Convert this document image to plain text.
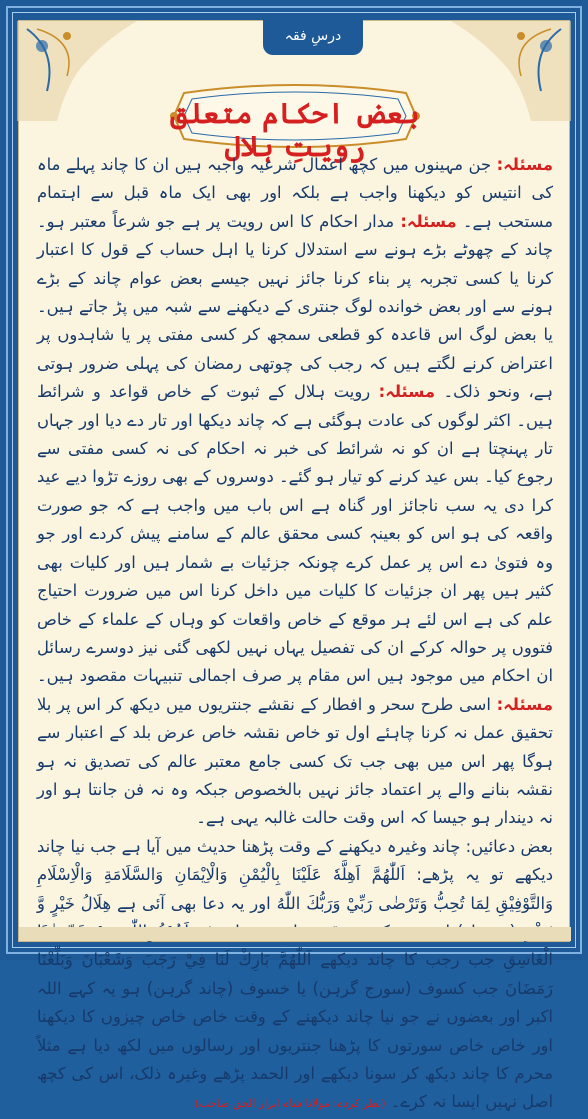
درسِ فقہ
بعض احکام متعلق رویتِ ہلال

مسئلہ: جن مہینوں میں کچھ اعمال شرعیہ واجبہ ہیں ان کا چاند پہلے ماہ کی انتیس کو دیکھنا واجب ہے بلکہ اور بھی ایک ماہ قبل سے اہتمام مستحب ہے۔ مسئلہ: مدار احکام کا اس رویت پر ہے جو شرعاً معتبر ہو۔ چاند کے چھوٹے بڑے ہونے سے استدلال کرنا یا اہل حساب کے قول کا اعتبار کرنا یا کسی تجربہ پر بناء کرنا جائز نہیں جیسے بعض عوام چاند کے بڑے ہونے سے اور بعض خوانده لوگ جنتری کے دیکھنے سے شبہ میں پڑ جاتے ہیں۔ یا بعض لوگ اس قاعدہ کو قطعی سمجھ کر کسی مفتی پر یا شاہدوں پر اعتراض کرنے لگتے ہیں کہ رجب کی چوتھی رمضان کی پہلی ضرور ہوتی ہے، ونحو ذلک۔ مسئلہ: رویت ہلال کے ثبوت کے خاص قواعد و شرائط ہیں۔ اکثر لوگوں کی عادت ہوگئی ہے کہ چاند دیکھا اور تار دے دیا اور جہاں تار پہنچتا ہے ان کو نہ شرائط کی خبر نہ احکام کی نہ کسی مفتی سے رجوع کیا۔ بس عید کرنے کو تیار ہو گئے۔ دوسروں کے بھی روزے تڑوا دیے عید کرا دی یہ سب ناجائز اور گناہ ہے اس باب میں واجب ہے کہ جو صورت واقعہ کی ہو اس کو بعینہٖ کسی محقق عالم کے سامنے پیش کردے اور جو وہ فتویٰ دے اس پر عمل کرے چونکہ جزئیات بے شمار ہیں اور کلیات بھی کثیر ہیں پھر ان جزئیات کا کلیات میں داخل کرنا اس میں ضرورت احتیاج علم کی ہے اس لئے ہر موقع کے خاص واقعات کو وہاں کے علماء کے خاص فتووں پر حوالہ کرکے ان کی تفصیل یہاں نہیں لکھی گئی نیز دوسرے رسائل ان احکام میں موجود ہیں اس مقام پر صرف اجمالی تنبیہات مقصود ہیں۔ مسئلہ: اسی طرح سحر و افطار کے نقشے جنتریوں میں دیکھ کر اس پر بلا تحقیق عمل نہ کرنا چاہئے اول تو خاص نقشہ خاص عرض بلد کے اعتبار سے ہوگا پھر اس میں بھی جب تک کسی جامع معتبر عالم کی تصدیق نہ ہو نقشہ بنانے والے پر اعتماد جائز نہیں بالخصوص جبکہ وہ نہ فن جانتا ہو اور نہ دیندار ہو جیسا کہ اس وقت حالت غالبہ یہی ہے۔

بعض دعائیں: چاند وغیرہ دیکھنے کے وقت پڑھنا حدیث میں آیا ہے جب نیا چاند دیکھے تو یہ پڑھے: اَللّٰهُمَّ اَهِلَّهٗ عَلَيْنَا بِالْيُمْنِ وَالْاِيْمَانِ وَالسَّلَامَةِ وَالْاِسْلَامِ وَالتَّوْفِيْقِ لِمَا تُحِبُّ وَتَرْضٰى رَبِّيْ وَرَبُّكَ اللّٰهُ اور یہ دعا بھی آئی ہے هِلَالُ خَيْرٍ وَّ الْغَاسِقِ جب رجب کا چاند دیکھے اَللّٰهُمَّ بَارِكْ لَنَا فِيْ رَجَبَ وَشَعْبَانَ وَبَلِّغْنَا رَمَضَانَ جب کسوف (سورج گرہن) یا خسوف (چاند گرہن) ہو یہ کہے اللہ اکبر اور بعضوں نے جو نیا چاند دیکھنے کے وقت خاص خاص چیزوں کا دیکھنا اور خاص خاص سورتوں کا پڑھنا جنتریوں اور رسالوں میں لکھ دیا ہے مثلاً محرم کا چاند دیکھ کر سونا دیکھے اور الحمد پڑھے وغیرہ ذلک، اس کی کچھ اصل نہیں ایسا نہ کرے۔ (نظر کردہ: مولانا شاہ ابرار الحق صاحب)
